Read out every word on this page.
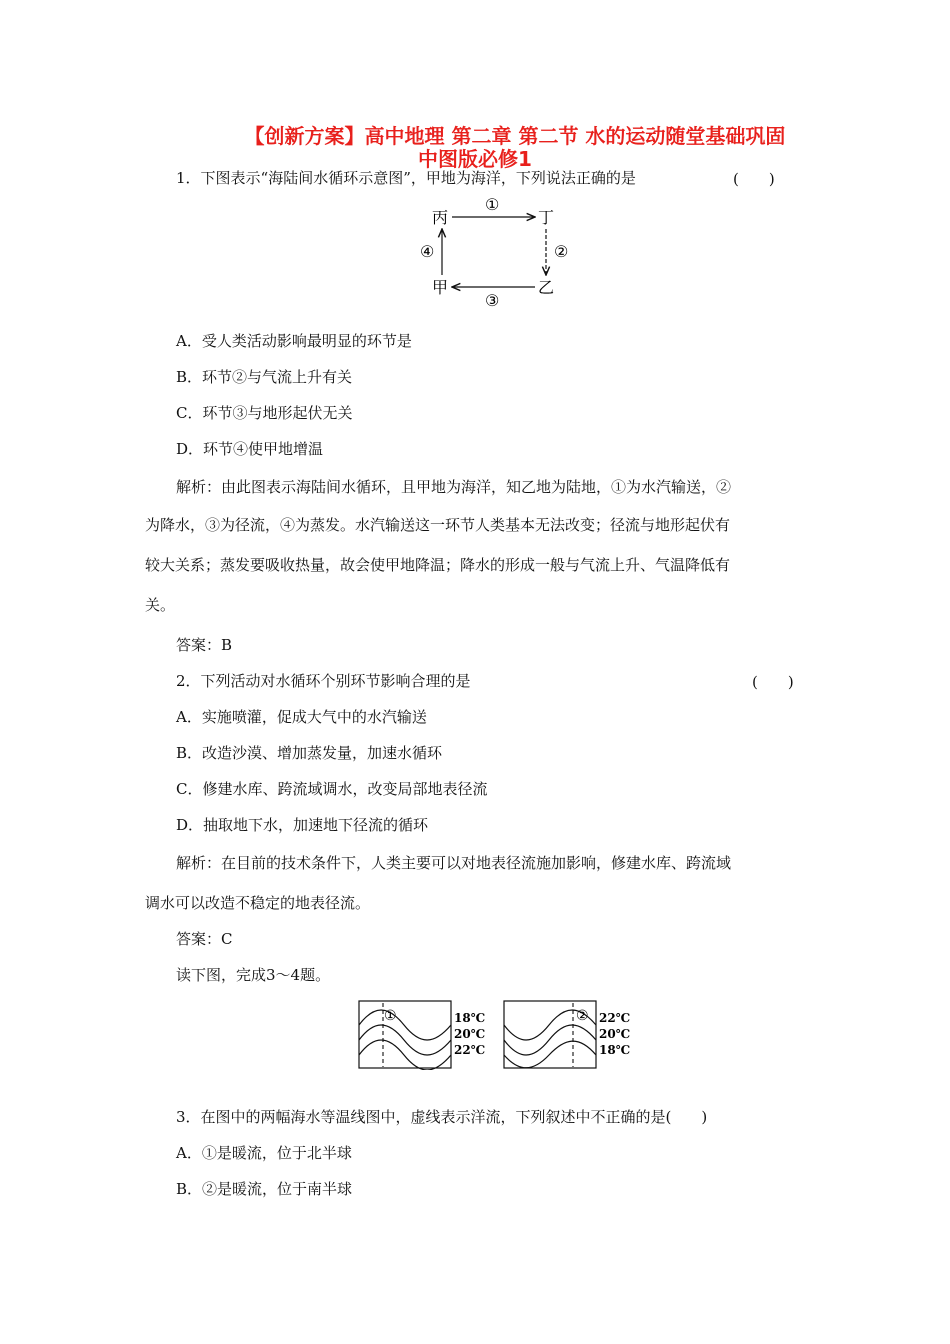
【创新方案】高中地理 第二章 第二节 水的运动随堂基础巩固
中图版必修1
1．下图表示“海陆间水循环示意图”，甲地为海洋，下列说法正确的是	(　　)
丙	丁
甲	乙
①
②
③
④
A．受人类活动影响最明显的环节是
B．环节②与气流上升有关
C．环节③与地形起伏无关
D．环节④使甲地增温
解析：由此图表示海陆间水循环，且甲地为海洋，知乙地为陆地，①为水汽输送，②
为降水，③为径流，④为蒸发。水汽输送这一环节人类基本无法改变；径流与地形起伏有
较大关系；蒸发要吸收热量，故会使甲地降温；降水的形成一般与气流上升、气温降低有
关。
答案：B
2．下列活动对水循环个别环节影响合理的是	(　　)
A．实施喷灌，促成大气中的水汽输送
B．改造沙漠、增加蒸发量，加速水循环
C．修建水库、跨流域调水，改变局部地表径流
D．抽取地下水，加速地下径流的循环
解析：在目前的技术条件下，人类主要可以对地表径流施加影响，修建水库、跨流域
调水可以改造不稳定的地表径流。
答案：C
读下图，完成3～4题。
①	18℃
20℃
22℃
② 22℃
20℃
18℃
3．在图中的两幅海水等温线图中，虚线表示洋流，下列叙述中不正确的是(　　)
A．①是暖流，位于北半球
B．②是暖流，位于南半球
